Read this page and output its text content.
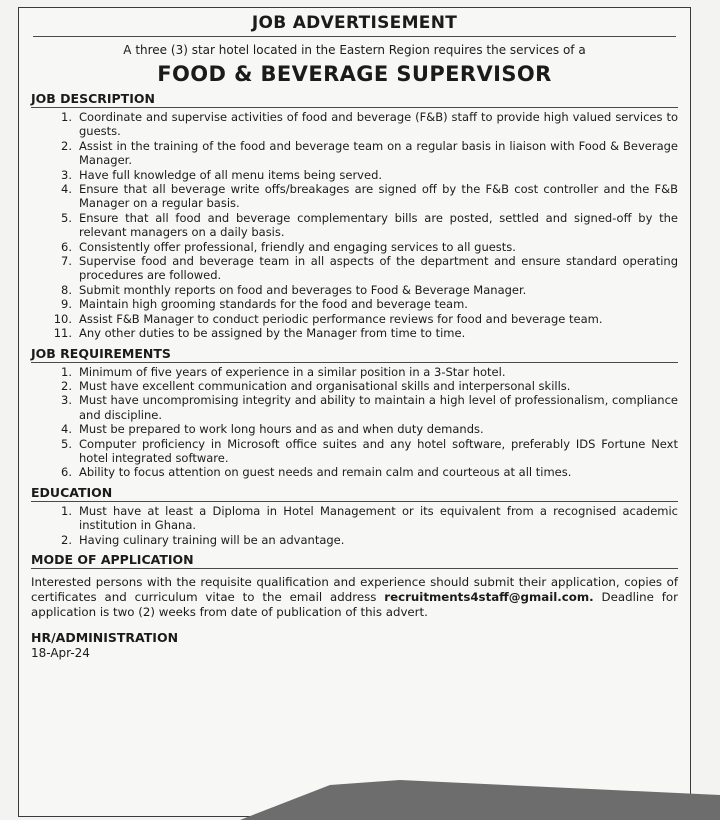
JOB ADVERTISEMENT
A three (3) star hotel located in the Eastern Region requires the services of a
FOOD & BEVERAGE SUPERVISOR
JOB DESCRIPTION
1. Coordinate and supervise activities of food and beverage (F&B) staff to provide high valued services to guests.
2. Assist in the training of the food and beverage team on a regular basis in liaison with Food & Beverage Manager.
3. Have full knowledge of all menu items being served.
4. Ensure that all beverage write offs/breakages are signed off by the F&B cost controller and the F&B Manager on a regular basis.
5. Ensure that all food and beverage complementary bills are posted, settled and signed-off by the relevant managers on a daily basis.
6. Consistently offer professional, friendly and engaging services to all guests.
7. Supervise food and beverage team in all aspects of the department and ensure standard operating procedures are followed.
8. Submit monthly reports on food and beverages to Food & Beverage Manager.
9. Maintain high grooming standards for the food and beverage team.
10. Assist F&B Manager to conduct periodic performance reviews for food and beverage team.
11. Any other duties to be assigned by the Manager from time to time.
JOB REQUIREMENTS
1. Minimum of five years of experience in a similar position in a 3-Star hotel.
2. Must have excellent communication and organisational skills and interpersonal skills.
3. Must have uncompromising integrity and ability to maintain a high level of professionalism, compliance and discipline.
4. Must be prepared to work long hours and as and when duty demands.
5. Computer proficiency in Microsoft office suites and any hotel software, preferably IDS Fortune Next hotel integrated software.
6. Ability to focus attention on guest needs and remain calm and courteous at all times.
EDUCATION
1. Must have at least a Diploma in Hotel Management or its equivalent from a recognised academic institution in Ghana.
2. Having culinary training will be an advantage.
MODE OF APPLICATION

Interested persons with the requisite qualification and experience should submit their application, copies of certificates and curriculum vitae to the email address recruitments4staff@gmail.com. Deadline for application is two (2) weeks from date of publication of this advert.

HR/ADMINISTRATION
18-Apr-24
